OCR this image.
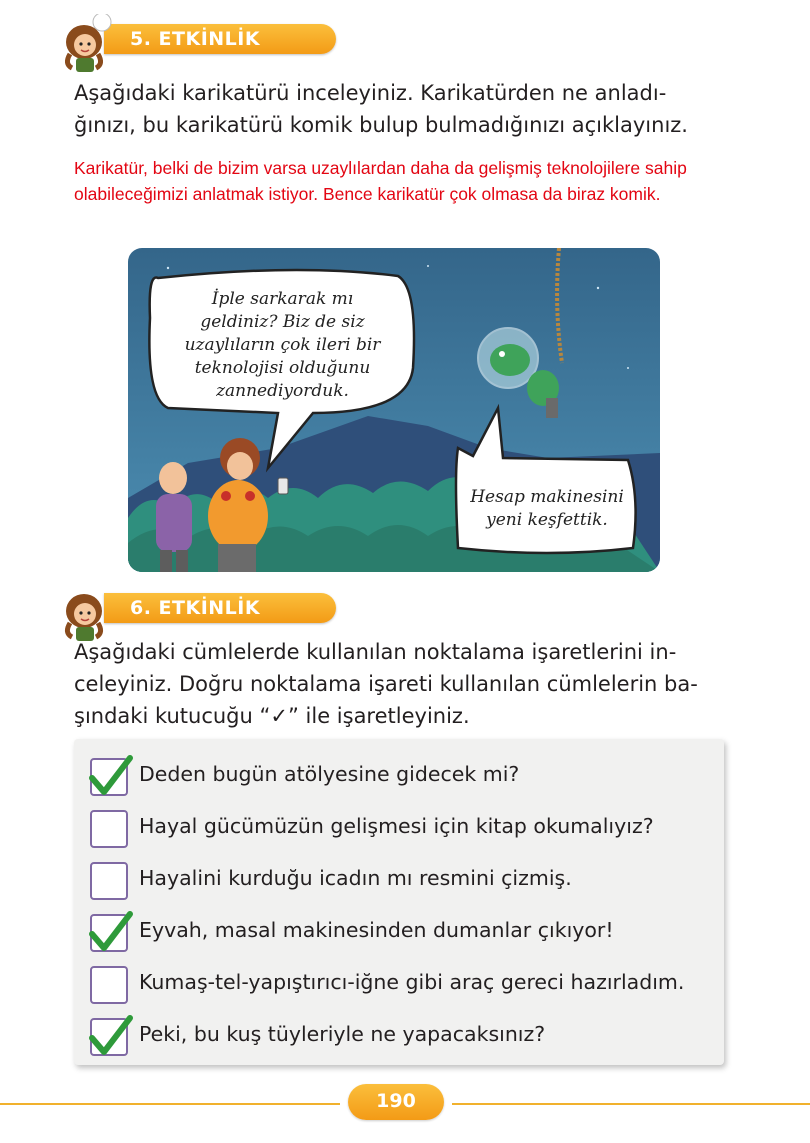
5. ETKİNLİK
Aşağıdaki karikatürü inceleyiniz. Karikatürden ne anladı-
ğınızı, bu karikatürü komik bulup bulmadığınızı açıklayınız.
Karikatür, belki de bizim varsa uzaylılardan daha da gelişmiş teknolojilere sahip olabileceğimizi anlatmak istiyor. Bence karikatür çok olmasa da biraz komik.
İple sarkarak mı
geldiniz? Biz de siz
uzaylıların çok ileri bir
teknolojisi olduğunu
zannediyorduk.
Hesap makinesini
yeni keşfettik.
6. ETKİNLİK
Aşağıdaki cümlelerde kullanılan noktalama işaretlerini in-
celeyiniz. Doğru noktalama işareti kullanılan cümlelerin ba-
şındaki kutucuğu “✓” ile işaretleyiniz.
Deden bugün atölyesine gidecek mi?
Hayal gücümüzün gelişmesi için kitap okumalıyız?
Hayalini kurduğu icadın mı resmini çizmiş.
Eyvah, masal makinesinden dumanlar çıkıyor!
Kumaş-tel-yapıştırıcı-iğne gibi araç gereci hazırladım.
Peki, bu kuş tüyleriyle ne yapacaksınız?
190
